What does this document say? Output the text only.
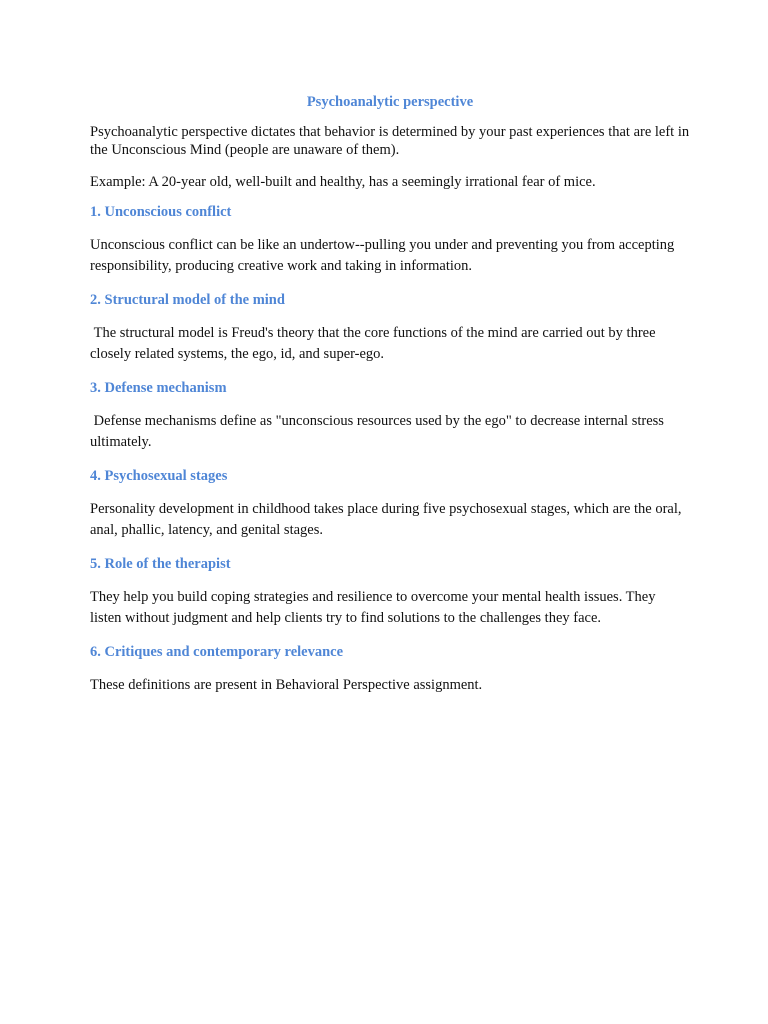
Psychoanalytic perspective

Psychoanalytic perspective dictates that behavior is determined by your past experiences that are left in the Unconscious Mind (people are unaware of them).

Example: A 20-year old, well-built and healthy, has a seemingly irrational fear of mice.

1. Unconscious conflict

Unconscious conflict can be like an undertow--pulling you under and preventing you from accepting responsibility, producing creative work and taking in information.

2. Structural model of the mind

The structural model is Freud's theory that the core functions of the mind are carried out by three closely related systems, the ego, id, and super-ego.

3. Defense mechanism

Defense mechanisms define as "unconscious resources used by the ego" to decrease internal stress ultimately.

4. Psychosexual stages

Personality development in childhood takes place during five psychosexual stages, which are the oral, anal, phallic, latency, and genital stages.

5. Role of the therapist

They help you build coping strategies and resilience to overcome your mental health issues. They listen without judgment and help clients try to find solutions to the challenges they face.

6. Critiques and contemporary relevance

These definitions are present in Behavioral Perspective assignment.
